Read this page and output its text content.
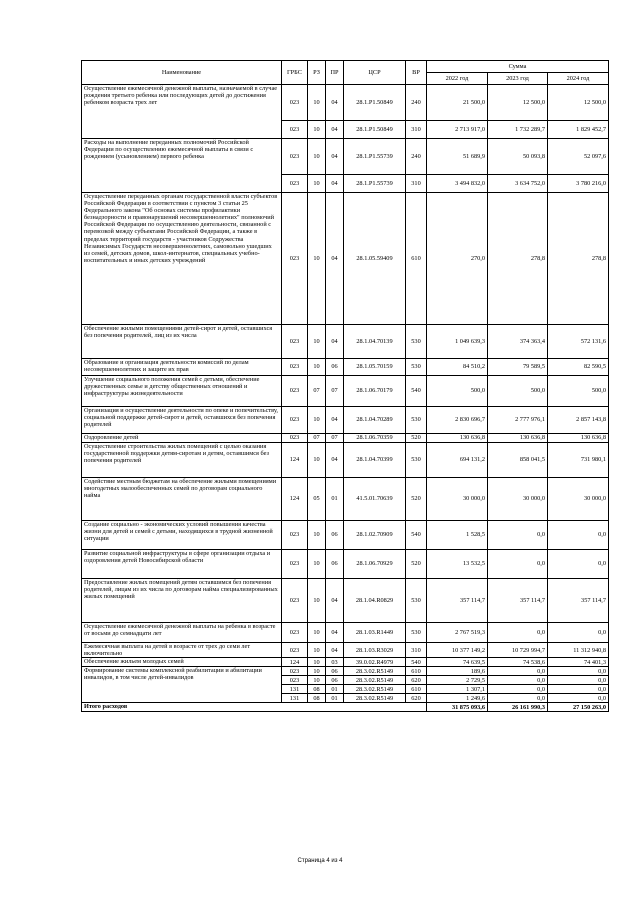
Наименование	ГРБС	РЗ	ПР	ЦСР	ВР	Сумма		
						2022 год	2023 год	2024 год
Осуществление ежемесячной денежной выплаты, назначаемой в случае рождения третьего ребенка или последующих детей до достижения ребенком возраста трех лет	023	10	04	28.1.P1.50849	240	21 500,0	12 500,0	12 500,0
	023	10	04	28.1.P1.50849	310	2 713 917,0	1 732 289,7	1 829 452,7
Расходы на выполнение переданных полномочий Российской Федерации по осуществлению ежемесячной выплаты в связи с рождением (усыновлением) первого ребенка	023	10	04	28.1.P1.55739	240	51 689,9	50 093,8	52 097,6
	023	10	04	28.1.P1.55739	310	3 494 832,0	3 634 752,0	3 780 216,0
Осуществление переданных органам государственной власти субъектов Российской Федерации в соответствии с пунктом 3 статьи 25 Федерального закона "Об основах системы профилактики безнадзорности и правонарушений несовершеннолетних" полномочий Российской Федерации по осуществлению деятельности, связанной с перевозкой между субъектами Российской Федерации, а также в пределах территорий государств - участников Содружества Независимых Государств несовершеннолетних, самовольно ушедших из семей, детских домов, школ-интернатов, специальных учебно-воспитательных и иных детских учреждений	023	10	04	28.1.05.59409	610	270,0	278,8	278,8
Обеспечение жилыми помещениями детей-сирот и детей, оставшихся без попечения родителей, лиц из их числа	023	10	04	28.1.04.70139	530	1 049 639,3	374 363,4	572 131,6
Образование и организация деятельности комиссий по делам несовершеннолетних и защите их прав	023	10	06	28.1.05.70159	530	84 510,2	79 589,5	82 590,5
Улучшение социального положения семей с детьми, обеспечение дружественных семье и детству общественных отношений и инфраструктуры жизнедеятельности	023	07	07	28.1.06.70179	540	500,0	500,0	500,0
Организация и осуществление деятельности по опеке и попечительству, социальной поддержке детей-сирот и детей, оставшихся без попечения родителей	023	10	04	28.1.04.70289	530	2 830 696,7	2 777 976,1	2 857 143,8
Оздоровление детей	023	07	07	28.1.06.70359	520	130 636,8	130 636,8	130 636,8
Осуществление строительства жилых помещений с целью оказания государственной поддержки детям-сиротам и детям, оставшимся без попечения родителей	124	10	04	28.1.04.70399	530	694 131,2	858 041,5	731 980,1
Содействие местным бюджетам на обеспечение жилыми помещениями многодетных малообеспеченных семей по договорам социального найма	124	05	01	41.5.01.70639	520	30 000,0	30 000,0	30 000,0
Создание социально - экономических условий повышения качества жизни для детей и семей с детьми, находящихся в трудной жизненной ситуации	023	10	06	28.1.02.70909	540	1 528,5	0,0	0,0
Развитие социальной инфраструктуры в сфере организации отдыха и оздоровления детей Новосибирской области	023	10	06	28.1.06.70929	520	13 532,5	0,0	0,0
Предоставление жилых помещений детям оставшимся без попечения родителей, лицам из их числа по договорам найма специализированных жилых помещений	023	10	04	28.1.04.R0829	530	357 114,7	357 114,7	357 114,7
Осуществление ежемесячной денежной выплаты на ребенка в возрасте от восьми до семнадцати лет	023	10	04	28.1.03.R1449	530	2 767 519,3	0,0	0,0
Ежемесячная выплата на детей в возрасте от трех до семи лет включительно	023	10	04	28.1.03.R3029	310	10 377 149,2	10 729 994,7	11 312 940,8
Обеспечение жильем молодых семей	124	10	03	39.0.02.R4979	540	74 639,5	74 538,6	74 401,3
Формирование системы комплексной реабилитации и абилитации инвалидов, в том числе детей-инвалидов	023	10	06	28.3.02.R5149	610	189,6	0,0	0,0
	023	10	06	28.3.02.R5149	620	2 729,5	0,0	0,0
	131	08	01	28.3.02.R5149	610	1 307,1	0,0	0,0
	131	08	01	28.3.02.R5149	620	1 249,6	0,0	0,0
Итого расходов						31 875 093,6	26 161 990,3	27 150 263,0
Страница 4 из 4
